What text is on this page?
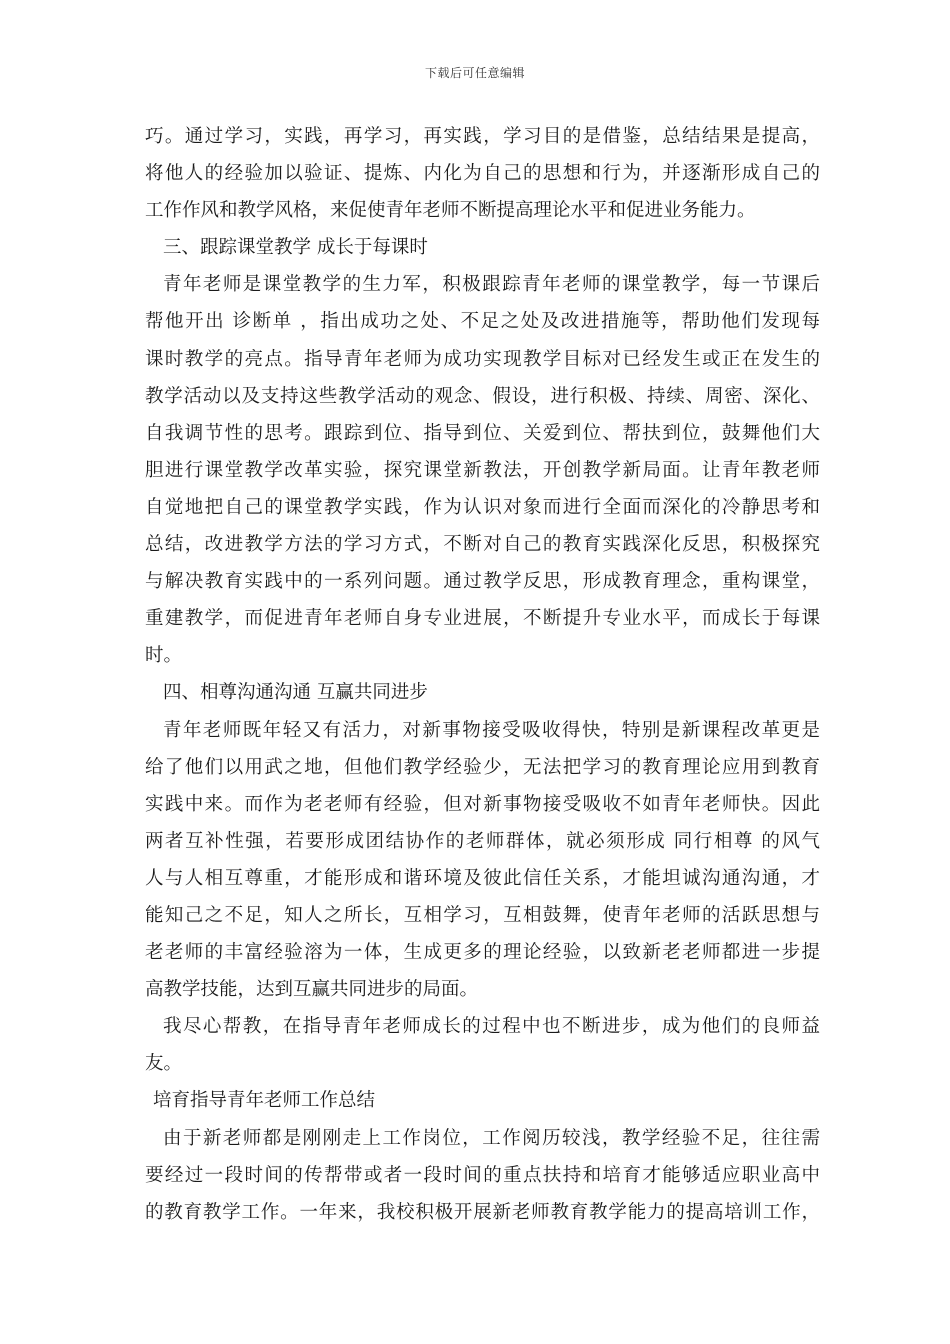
下载后可任意编辑
巧。通过学习，实践，再学习，再实践，学习目的是借鉴，总结结果是提高，
将他人的经验加以验证、提炼、内化为自己的思想和行为，并逐渐形成自己的
工作作风和教学风格，来促使青年老师不断提高理论水平和促进业务能力。
三、跟踪课堂教学 成长于每课时
青年老师是课堂教学的生力军，积极跟踪青年老师的课堂教学，每一节课后
帮他开出 诊断单 ，指出成功之处、不足之处及改进措施等，帮助他们发现每
课时教学的亮点。指导青年老师为成功实现教学目标对已经发生或正在发生的
教学活动以及支持这些教学活动的观念、假设，进行积极、持续、周密、深化、
自我调节性的思考。跟踪到位、指导到位、关爱到位、帮扶到位，鼓舞他们大
胆进行课堂教学改革实验，探究课堂新教法，开创教学新局面。让青年教老师
自觉地把自己的课堂教学实践，作为认识对象而进行全面而深化的冷静思考和
总结，改进教学方法的学习方式，不断对自己的教育实践深化反思，积极探究
与解决教育实践中的一系列问题。通过教学反思，形成教育理念，重构课堂，
重建教学，而促进青年老师自身专业进展，不断提升专业水平，而成长于每课
时。
四、相尊沟通沟通 互赢共同进步
青年老师既年轻又有活力，对新事物接受吸收得快，特别是新课程改革更是
给了他们以用武之地，但他们教学经验少，无法把学习的教育理论应用到教育
实践中来。而作为老老师有经验，但对新事物接受吸收不如青年老师快。因此
两者互补性强，若要形成团结协作的老师群体，就必须形成 同行相尊 的风气
人与人相互尊重，才能形成和谐环境及彼此信任关系，才能坦诚沟通沟通，才
能知己之不足，知人之所长，互相学习，互相鼓舞，使青年老师的活跃思想与
老老师的丰富经验溶为一体，生成更多的理论经验，以致新老老师都进一步提
高教学技能，达到互赢共同进步的局面。
我尽心帮教，在指导青年老师成长的过程中也不断进步，成为他们的良师益
友。
培育指导青年老师工作总结
由于新老师都是刚刚走上工作岗位，工作阅历较浅，教学经验不足，往往需
要经过一段时间的传帮带或者一段时间的重点扶持和培育才能够适应职业高中
的教育教学工作。一年来，我校积极开展新老师教育教学能力的提高培训工作，
